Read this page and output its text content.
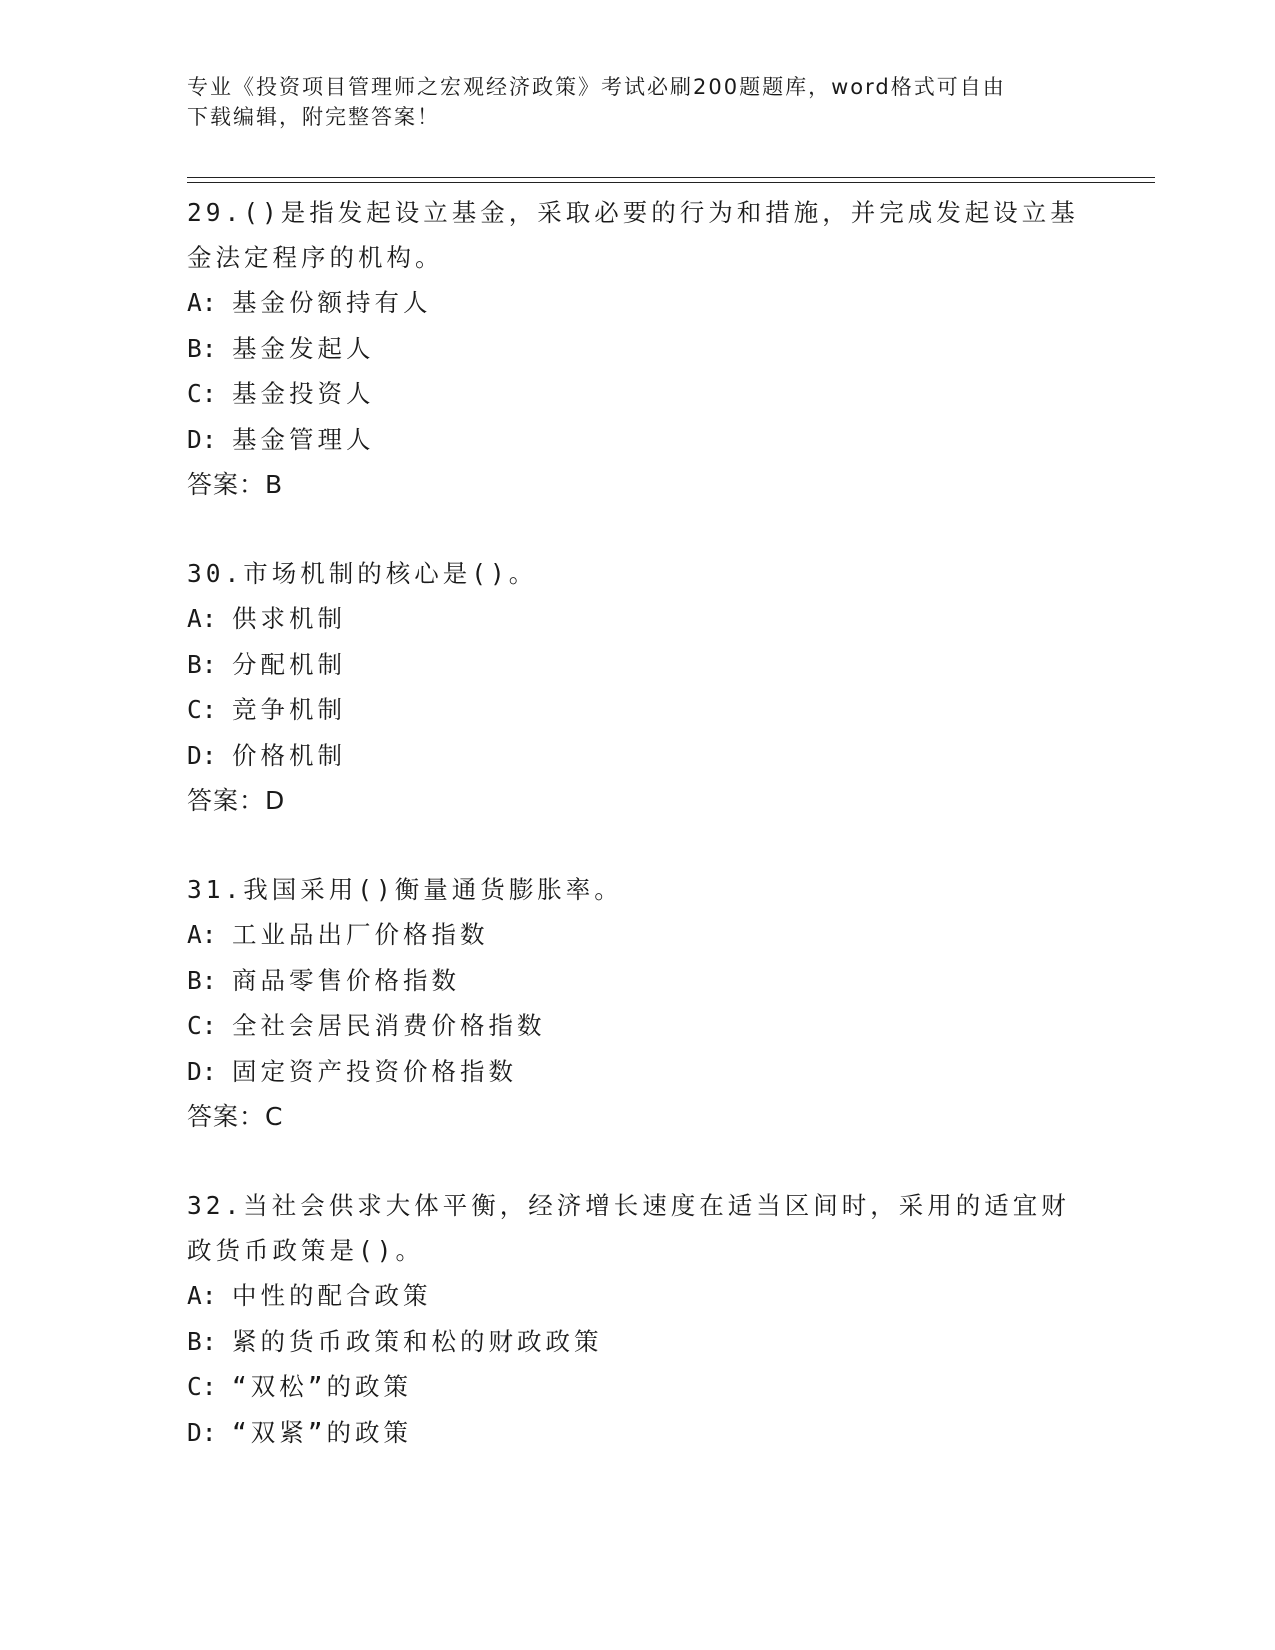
专业《投资项目管理师之宏观经济政策》考试必刷200题题库，word格式可自由
下载编辑，附完整答案！
29.()是指发起设立基金，采取必要的行为和措施，并完成发起设立基
金法定程序的机构。
A: 基金份额持有人
B: 基金发起人
C: 基金投资人
D: 基金管理人
答案：B
30.市场机制的核心是()。
A: 供求机制
B: 分配机制
C: 竞争机制
D: 价格机制
答案：D
31.我国采用()衡量通货膨胀率。
A: 工业品出厂价格指数
B: 商品零售价格指数
C: 全社会居民消费价格指数
D: 固定资产投资价格指数
答案：C
32.当社会供求大体平衡，经济增长速度在适当区间时，采用的适宜财
政货币政策是()。
A: 中性的配合政策
B: 紧的货币政策和松的财政政策
C: “双松”的政策
D: “双紧”的政策
